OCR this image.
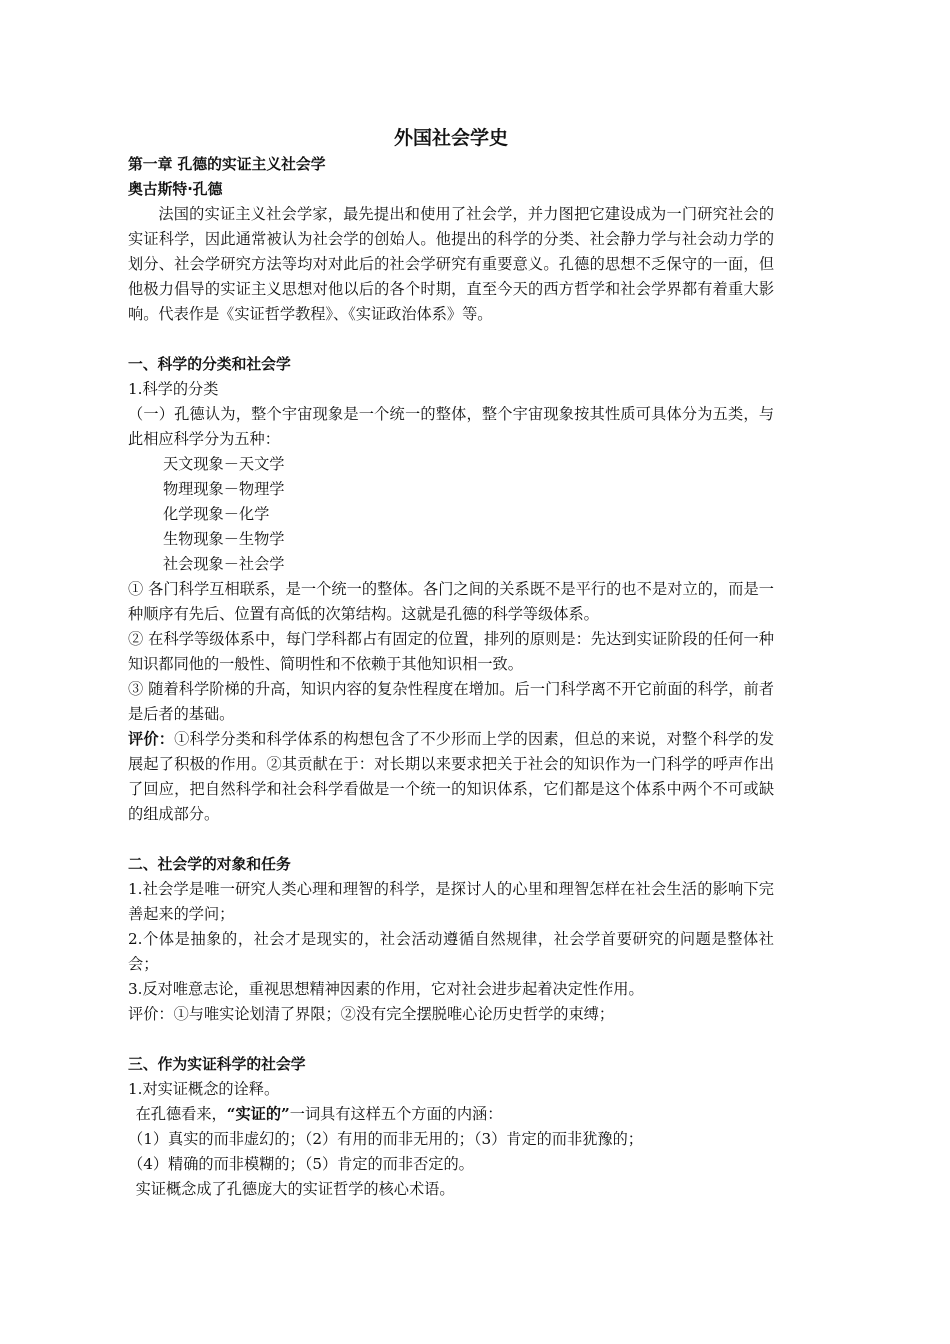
外国社会学史
第一章 孔德的实证主义社会学
奥古斯特·孔德

法国的实证主义社会学家，最先提出和使用了社会学，并力图把它建设成为一门研究社会的实证科学，因此通常被认为社会学的创始人。他提出的科学的分类、社会静力学与社会动力学的划分、社会学研究方法等均对对此后的社会学研究有重要意义。孔德的思想不乏保守的一面，但他极力倡导的实证主义思想对他以后的各个时期，直至今天的西方哲学和社会学界都有着重大影响。代表作是《实证哲学教程》、《实证政治体系》等。

一、科学的分类和社会学

1.科学的分类

（一）孔德认为，整个宇宙现象是一个统一的整体，整个宇宙现象按其性质可具体分为五类，与此相应科学分为五种：

天文现象－天文学

物理现象－物理学

化学现象－化学

生物现象－生物学

社会现象－社会学

① 各门科学互相联系，是一个统一的整体。各门之间的关系既不是平行的也不是对立的，而是一种顺序有先后、位置有高低的次第结构。这就是孔德的科学等级体系。

② 在科学等级体系中，每门学科都占有固定的位置，排列的原则是：先达到实证阶段的任何一种知识都同他的一般性、简明性和不依赖于其他知识相一致。

③ 随着科学阶梯的升高，知识内容的复杂性程度在增加。后一门科学离不开它前面的科学，前者是后者的基础。

评价：①科学分类和科学体系的构想包含了不少形而上学的因素，但总的来说，对整个科学的发展起了积极的作用。②其贡献在于：对长期以来要求把关于社会的知识作为一门科学的呼声作出了回应，把自然科学和社会科学看做是一个统一的知识体系，它们都是这个体系中两个不可或缺的组成部分。

二、社会学的对象和任务

1.社会学是唯一研究人类心理和理智的科学，是探讨人的心里和理智怎样在社会生活的影响下完善起来的学问；

2.个体是抽象的，社会才是现实的，社会活动遵循自然规律，社会学首要研究的问题是整体社会；

3.反对唯意志论，重视思想精神因素的作用，它对社会进步起着决定性作用。

评价：①与唯实论划清了界限；②没有完全摆脱唯心论历史哲学的束缚；

三、作为实证科学的社会学

1.对实证概念的诠释。

在孔德看来，“实证的”一词具有这样五个方面的内涵：

（1）真实的而非虚幻的；（2）有用的而非无用的；（3）肯定的而非犹豫的；

（4）精确的而非模糊的；（5）肯定的而非否定的。

实证概念成了孔德庞大的实证哲学的核心术语。
